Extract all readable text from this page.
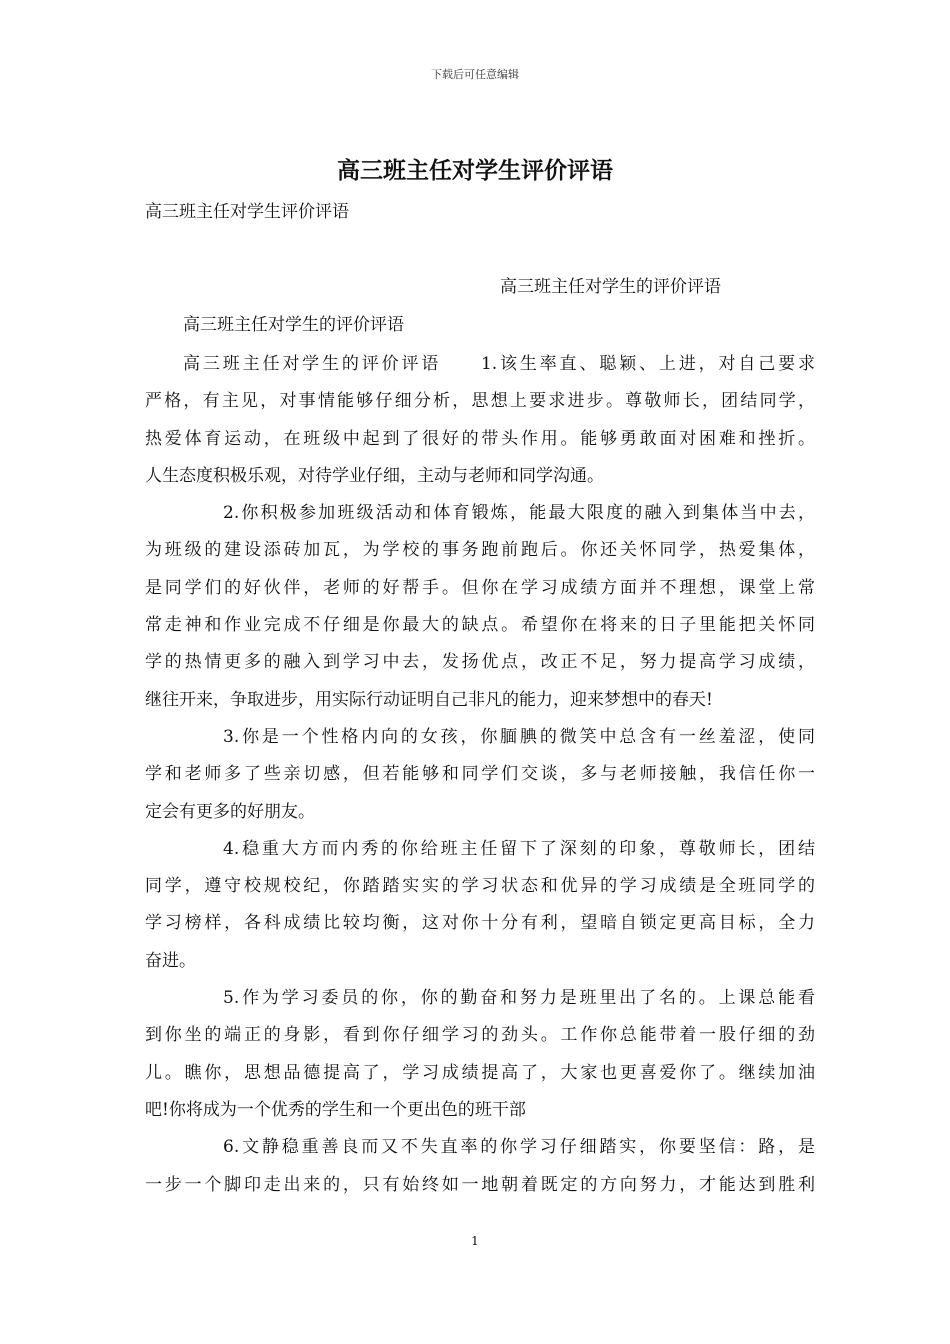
下载后可任意编辑
高三班主任对学生评价评语
高三班主任对学生评价评语
高三班主任对学生的评价评语
高三班主任对学生的评价评语
高三班主任对学生的评价评语　　1.该生率直、聪颖、上进，对自己要求
严格，有主见，对事情能够仔细分析，思想上要求进步。尊敬师长，团结同学，
热爱体育运动，在班级中起到了很好的带头作用。能够勇敢面对困难和挫折。
人生态度积极乐观，对待学业仔细，主动与老师和同学沟通。
2.你积极参加班级活动和体育锻炼，能最大限度的融入到集体当中去，
为班级的建设添砖加瓦，为学校的事务跑前跑后。你还关怀同学，热爱集体，
是同学们的好伙伴，老师的好帮手。但你在学习成绩方面并不理想，课堂上常
常走神和作业完成不仔细是你最大的缺点。希望你在将来的日子里能把关怀同
学的热情更多的融入到学习中去，发扬优点，改正不足，努力提高学习成绩，
继往开来，争取进步，用实际行动证明自己非凡的能力，迎来梦想中的春天!
3.你是一个性格内向的女孩，你腼腆的微笑中总含有一丝羞涩，使同
学和老师多了些亲切感，但若能够和同学们交谈，多与老师接触，我信任你一
定会有更多的好朋友。
4.稳重大方而内秀的你给班主任留下了深刻的印象，尊敬师长，团结
同学，遵守校规校纪，你踏踏实实的学习状态和优异的学习成绩是全班同学的
学习榜样，各科成绩比较均衡，这对你十分有利，望暗自锁定更高目标，全力
奋进。
5.作为学习委员的你，你的勤奋和努力是班里出了名的。上课总能看
到你坐的端正的身影，看到你仔细学习的劲头。工作你总能带着一股仔细的劲
儿。瞧你，思想品德提高了，学习成绩提高了，大家也更喜爱你了。继续加油
吧!你将成为一个优秀的学生和一个更出色的班干部
6.文静稳重善良而又不失直率的你学习仔细踏实，你要坚信：路，是
一步一个脚印走出来的，只有始终如一地朝着既定的方向努力，才能达到胜利
1
